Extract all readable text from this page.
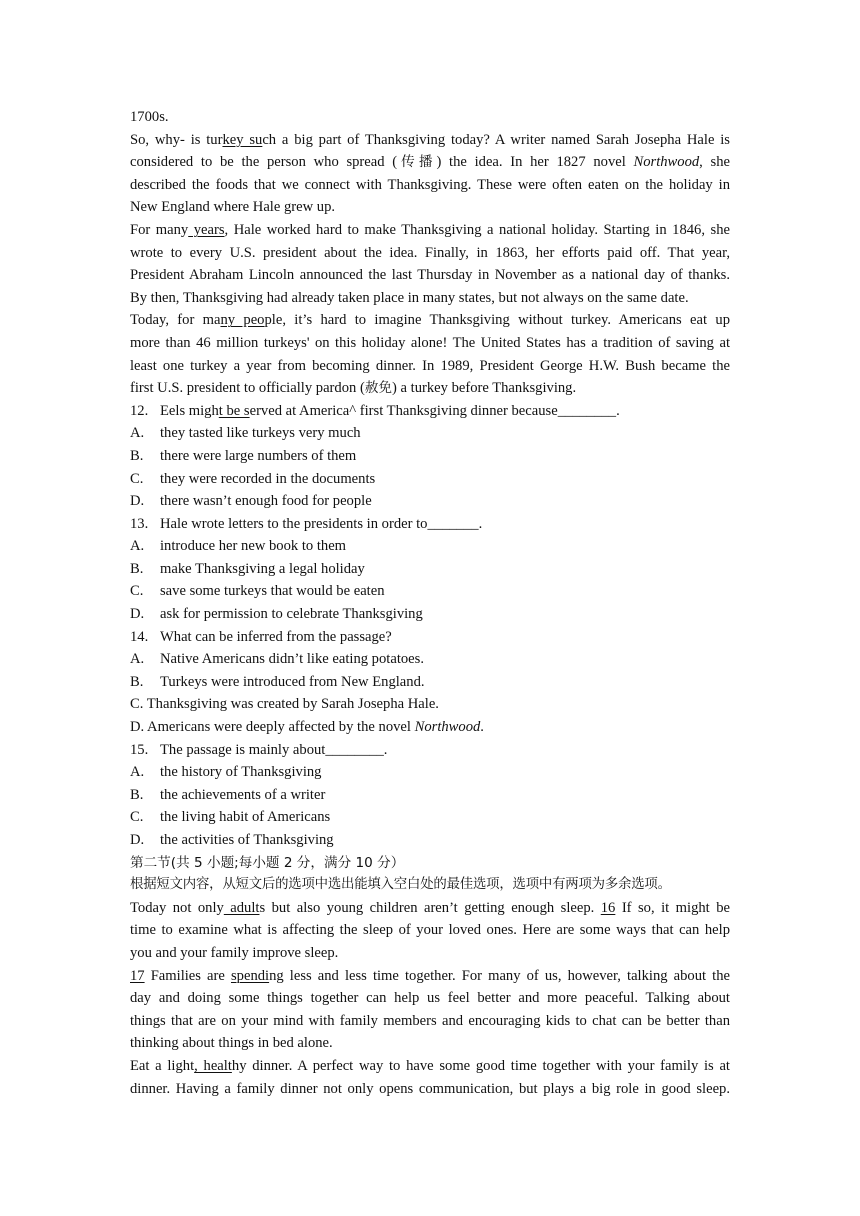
1700s.
So, why- is turkey such a big part of Thanksgiving today? A writer named Sarah Josepha Hale is
considered to be the person who spread (传播) the idea. In her 1827 novel Northwood, she
described the foods that we connect with Thanksgiving. These were often eaten on the holiday in
New England where Hale grew up.
For many years, Hale worked hard to make Thanksgiving a national holiday. Starting in 1846, she
wrote to every U.S. president about the idea. Finally, in 1863, her efforts paid off. That year,
President Abraham Lincoln announced the last Thursday in November as a national day of thanks.
By then, Thanksgiving had already taken place in many states, but not always on the same date.
Today, for many people, it’s hard to imagine Thanksgiving without turkey. Americans eat up
more than 46 million turkeys' on this holiday alone! The United States has a tradition of saving at
least one turkey a year from becoming dinner. In 1989, President George H.W. Bush became the
first U.S. president to officially pardon (赦免) a turkey before Thanksgiving.
12. Eels might be served at America^ first Thanksgiving dinner because________.
A. they tasted like turkeys very much
B. there were large numbers of them
C. they were recorded in the documents
D. there wasn’t enough food for people
13. Hale wrote letters to the presidents in order to_______.
A. introduce her new book to them
B. make Thanksgiving a legal holiday
C. save some turkeys that would be eaten
D. ask for permission to celebrate Thanksgiving
14. What can be inferred from the passage?
A. Native Americans didn’t like eating potatoes.
B. Turkeys were introduced from New England.
C. Thanksgiving was created by Sarah Josepha Hale.
D. Americans were deeply affected by the novel Northwood.
15. The passage is mainly about________.
A. the history of Thanksgiving
B. the achievements of a writer
C. the living habit of Americans
D. the activities of Thanksgiving
第二节(共 5 小题;每小题 2 分，满分 10 分）
根据短文内容，从短文后的选项中选出能填入空白处的最佳选项，选项中有两项为多余选项。
Today not only adults but also young children aren’t getting enough sleep. 16 If so, it might be
time to examine what is affecting the sleep of your loved ones. Here are some ways that can help
you and your family improve sleep.
17 Families are spending less and less time together. For many of us, however, talking about the
day and doing some things together can help us feel better and more peaceful. Talking about
things that are on your mind with family members and encouraging kids to chat can be better than
thinking about things in bed alone.
Eat a light, healthy dinner. A perfect way to have some good time together with your family is at
dinner. Having a family dinner not only opens communication, but plays a big role in good sleep.
